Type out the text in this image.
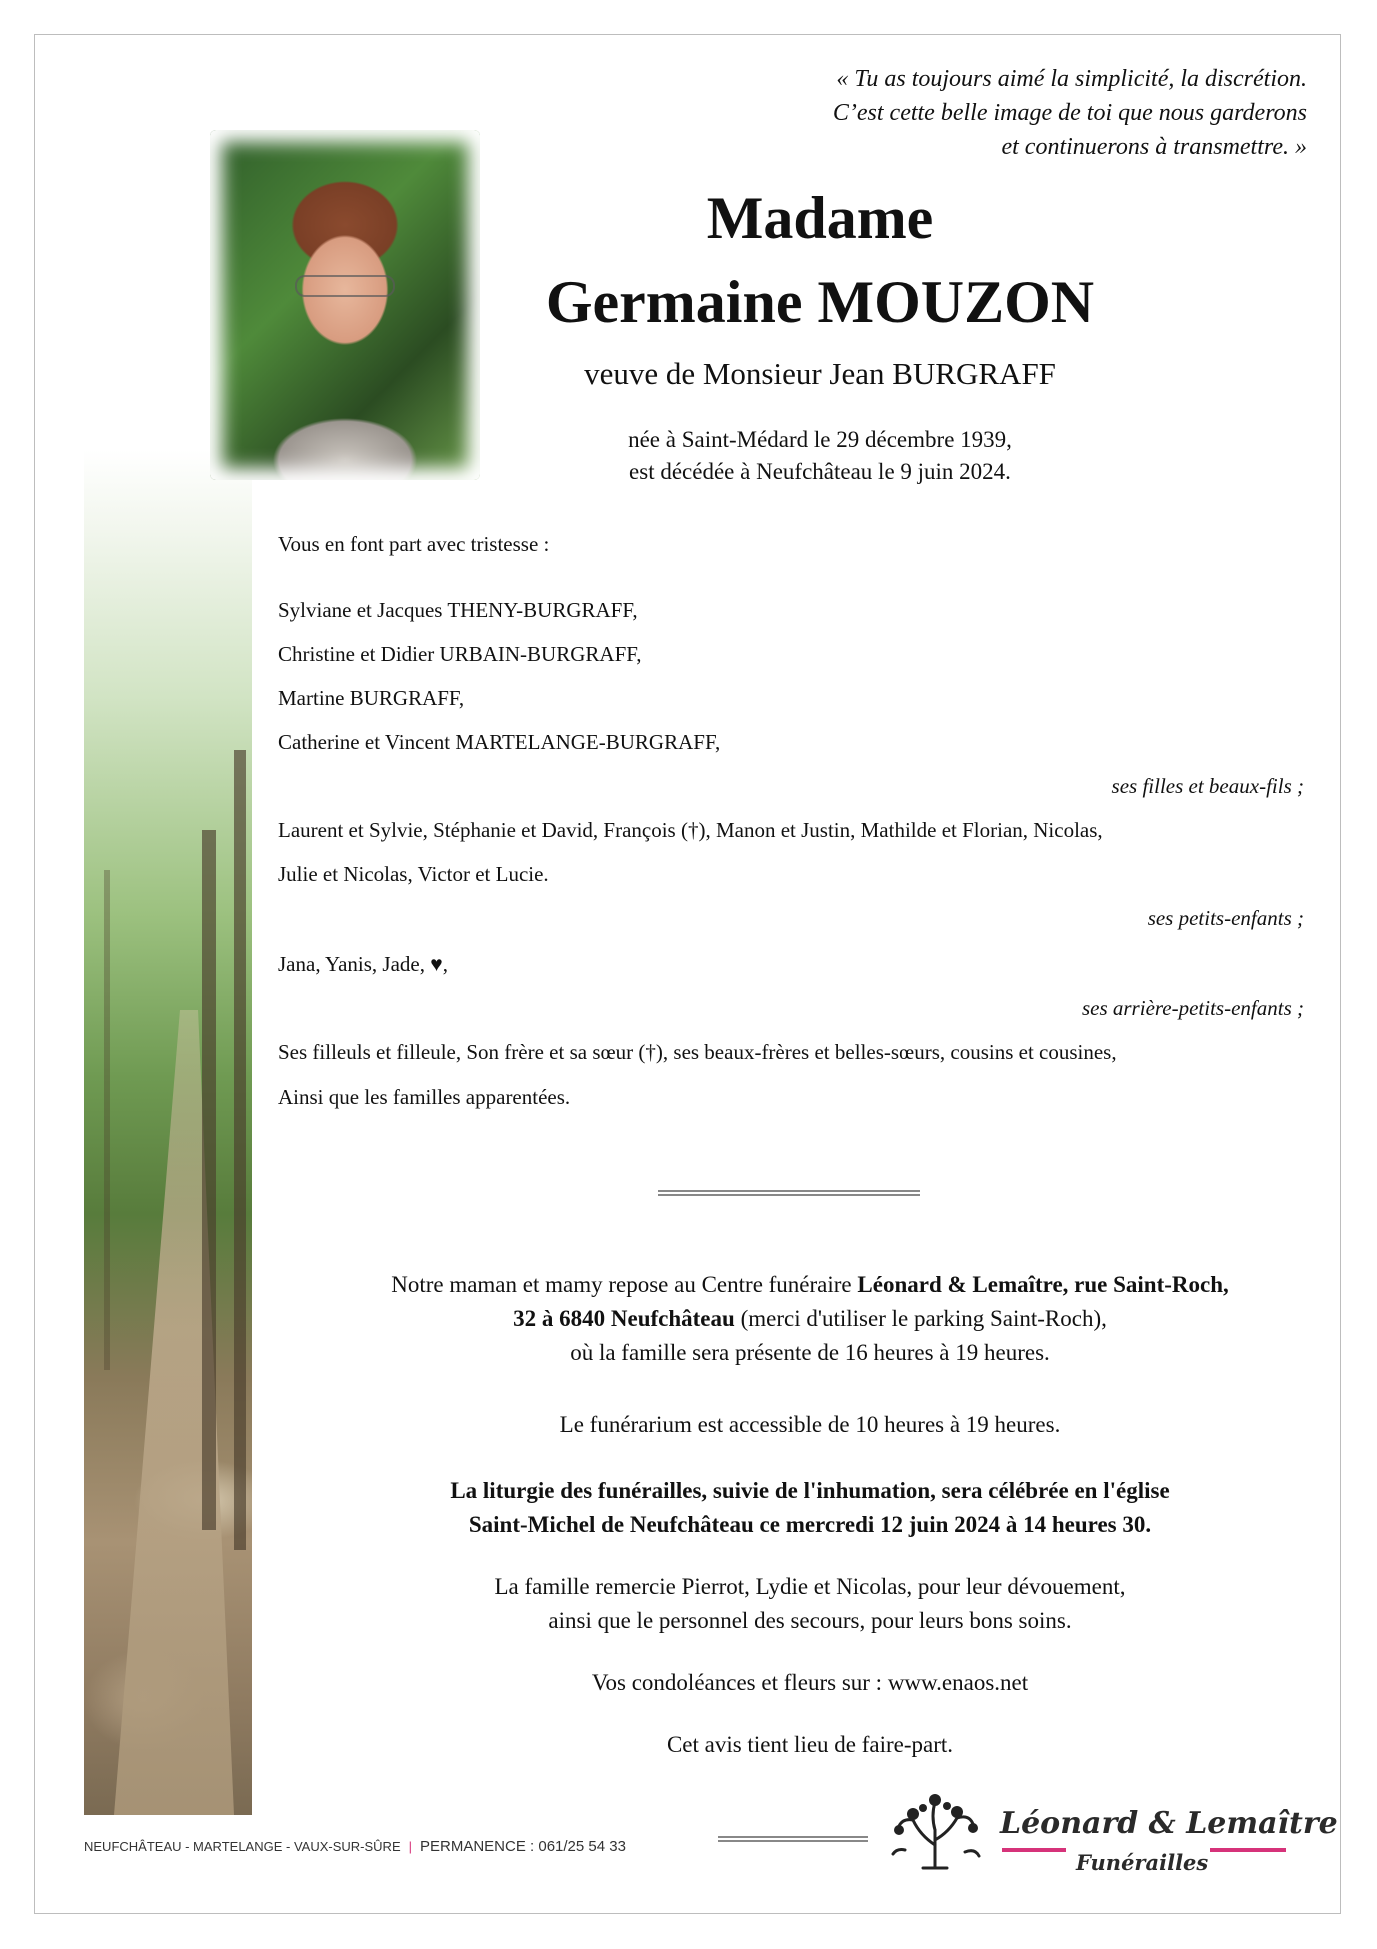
« Tu as toujours aimé la simplicité, la discrétion.
C’est cette belle image de toi que nous garderons
et continuerons à transmettre. »
Madame
Germaine MOUZON
veuve de Monsieur Jean BURGRAFF
née à Saint-Médard le 29 décembre 1939,
est décédée à Neufchâteau le 9 juin 2024.
Vous en font part avec tristesse :
Sylviane et Jacques THENY-BURGRAFF,
Christine et Didier URBAIN-BURGRAFF,
Martine BURGRAFF,
Catherine et Vincent MARTELANGE-BURGRAFF,
ses filles et beaux-fils ;
Laurent et Sylvie, Stéphanie et David, François (†), Manon et Justin, Mathilde et Florian, Nicolas,
Julie et Nicolas, Victor et Lucie.
ses petits-enfants ;
Jana, Yanis, Jade, ♥,
ses arrière-petits-enfants ;
Ses filleuls et filleule, Son frère et sa sœur (†), ses beaux-frères et belles-sœurs, cousins et cousines,
Ainsi que les familles apparentées.
Notre maman et mamy repose au Centre funéraire Léonard & Lemaître, rue Saint-Roch,
32 à 6840 Neufchâteau (merci d'utiliser le parking Saint-Roch),
où la famille sera présente de 16 heures à 19 heures.
Le funérarium est accessible de 10 heures à 19 heures.
La liturgie des funérailles, suivie de l'inhumation, sera célébrée en l'église
Saint-Michel de Neufchâteau ce mercredi 12 juin 2024 à 14 heures 30.
La famille remercie Pierrot, Lydie et Nicolas, pour leur dévouement,
ainsi que le personnel des secours, pour leurs bons soins.
Vos condoléances et fleurs sur : www.enaos.net
Cet avis tient lieu de faire-part.
NEUFCHÂTEAU - MARTELANGE - VAUX-SUR-SÛRE | PERMANENCE : 061/25 54 33
Léonard & Lemaître
Funérailles
